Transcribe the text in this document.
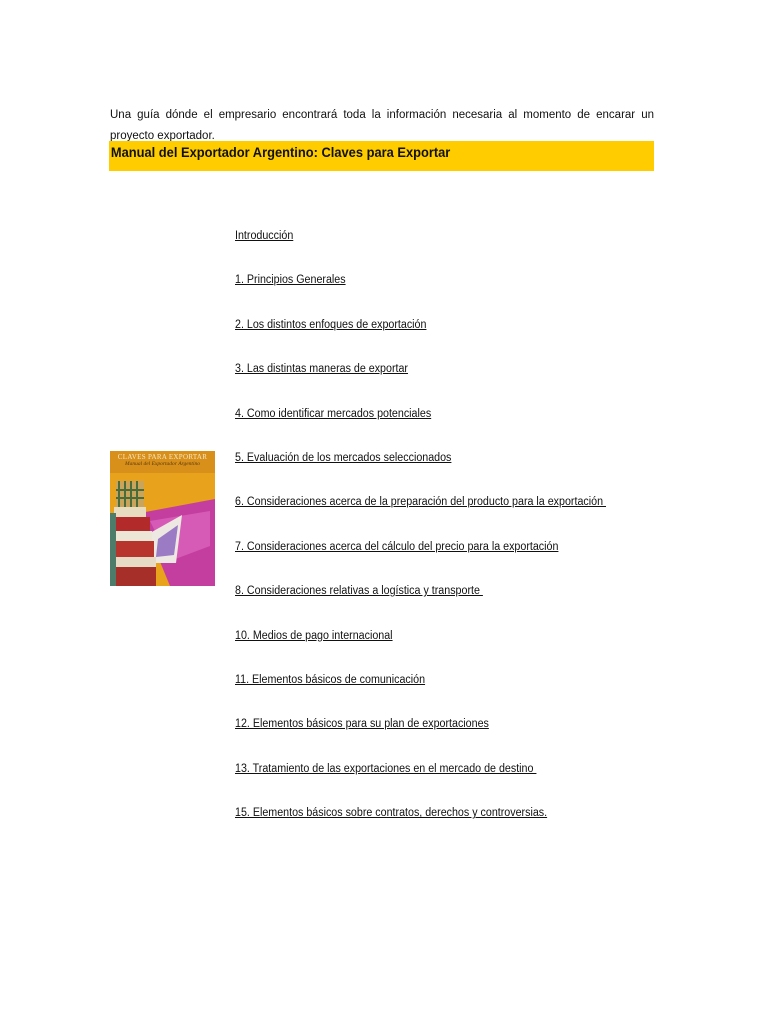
Una guía dónde el empresario encontrará toda la información necesaria al momento de encarar un proyecto exportador.

Manual del Exportador Argentino: Claves para Exportar
Introducción
1. Principios Generales
2. Los distintos enfoques de exportación
3. Las distintas maneras de exportar
4. Como identificar mercados potenciales
5. Evaluación de los mercados seleccionados
6. Consideraciones acerca de la preparación del producto para la exportación
7. Consideraciones acerca del cálculo del precio para la exportación
8. Consideraciones relativas a logística y transporte
10. Medios de pago internacional
11. Elementos básicos de comunicación
12. Elementos básicos para su plan de exportaciones
13. Tratamiento de las exportaciones en el mercado de destino
15. Elementos básicos sobre contratos, derechos y controversias.
CLAVES PARA EXPORTAR
Manual del Exportador Argentino
